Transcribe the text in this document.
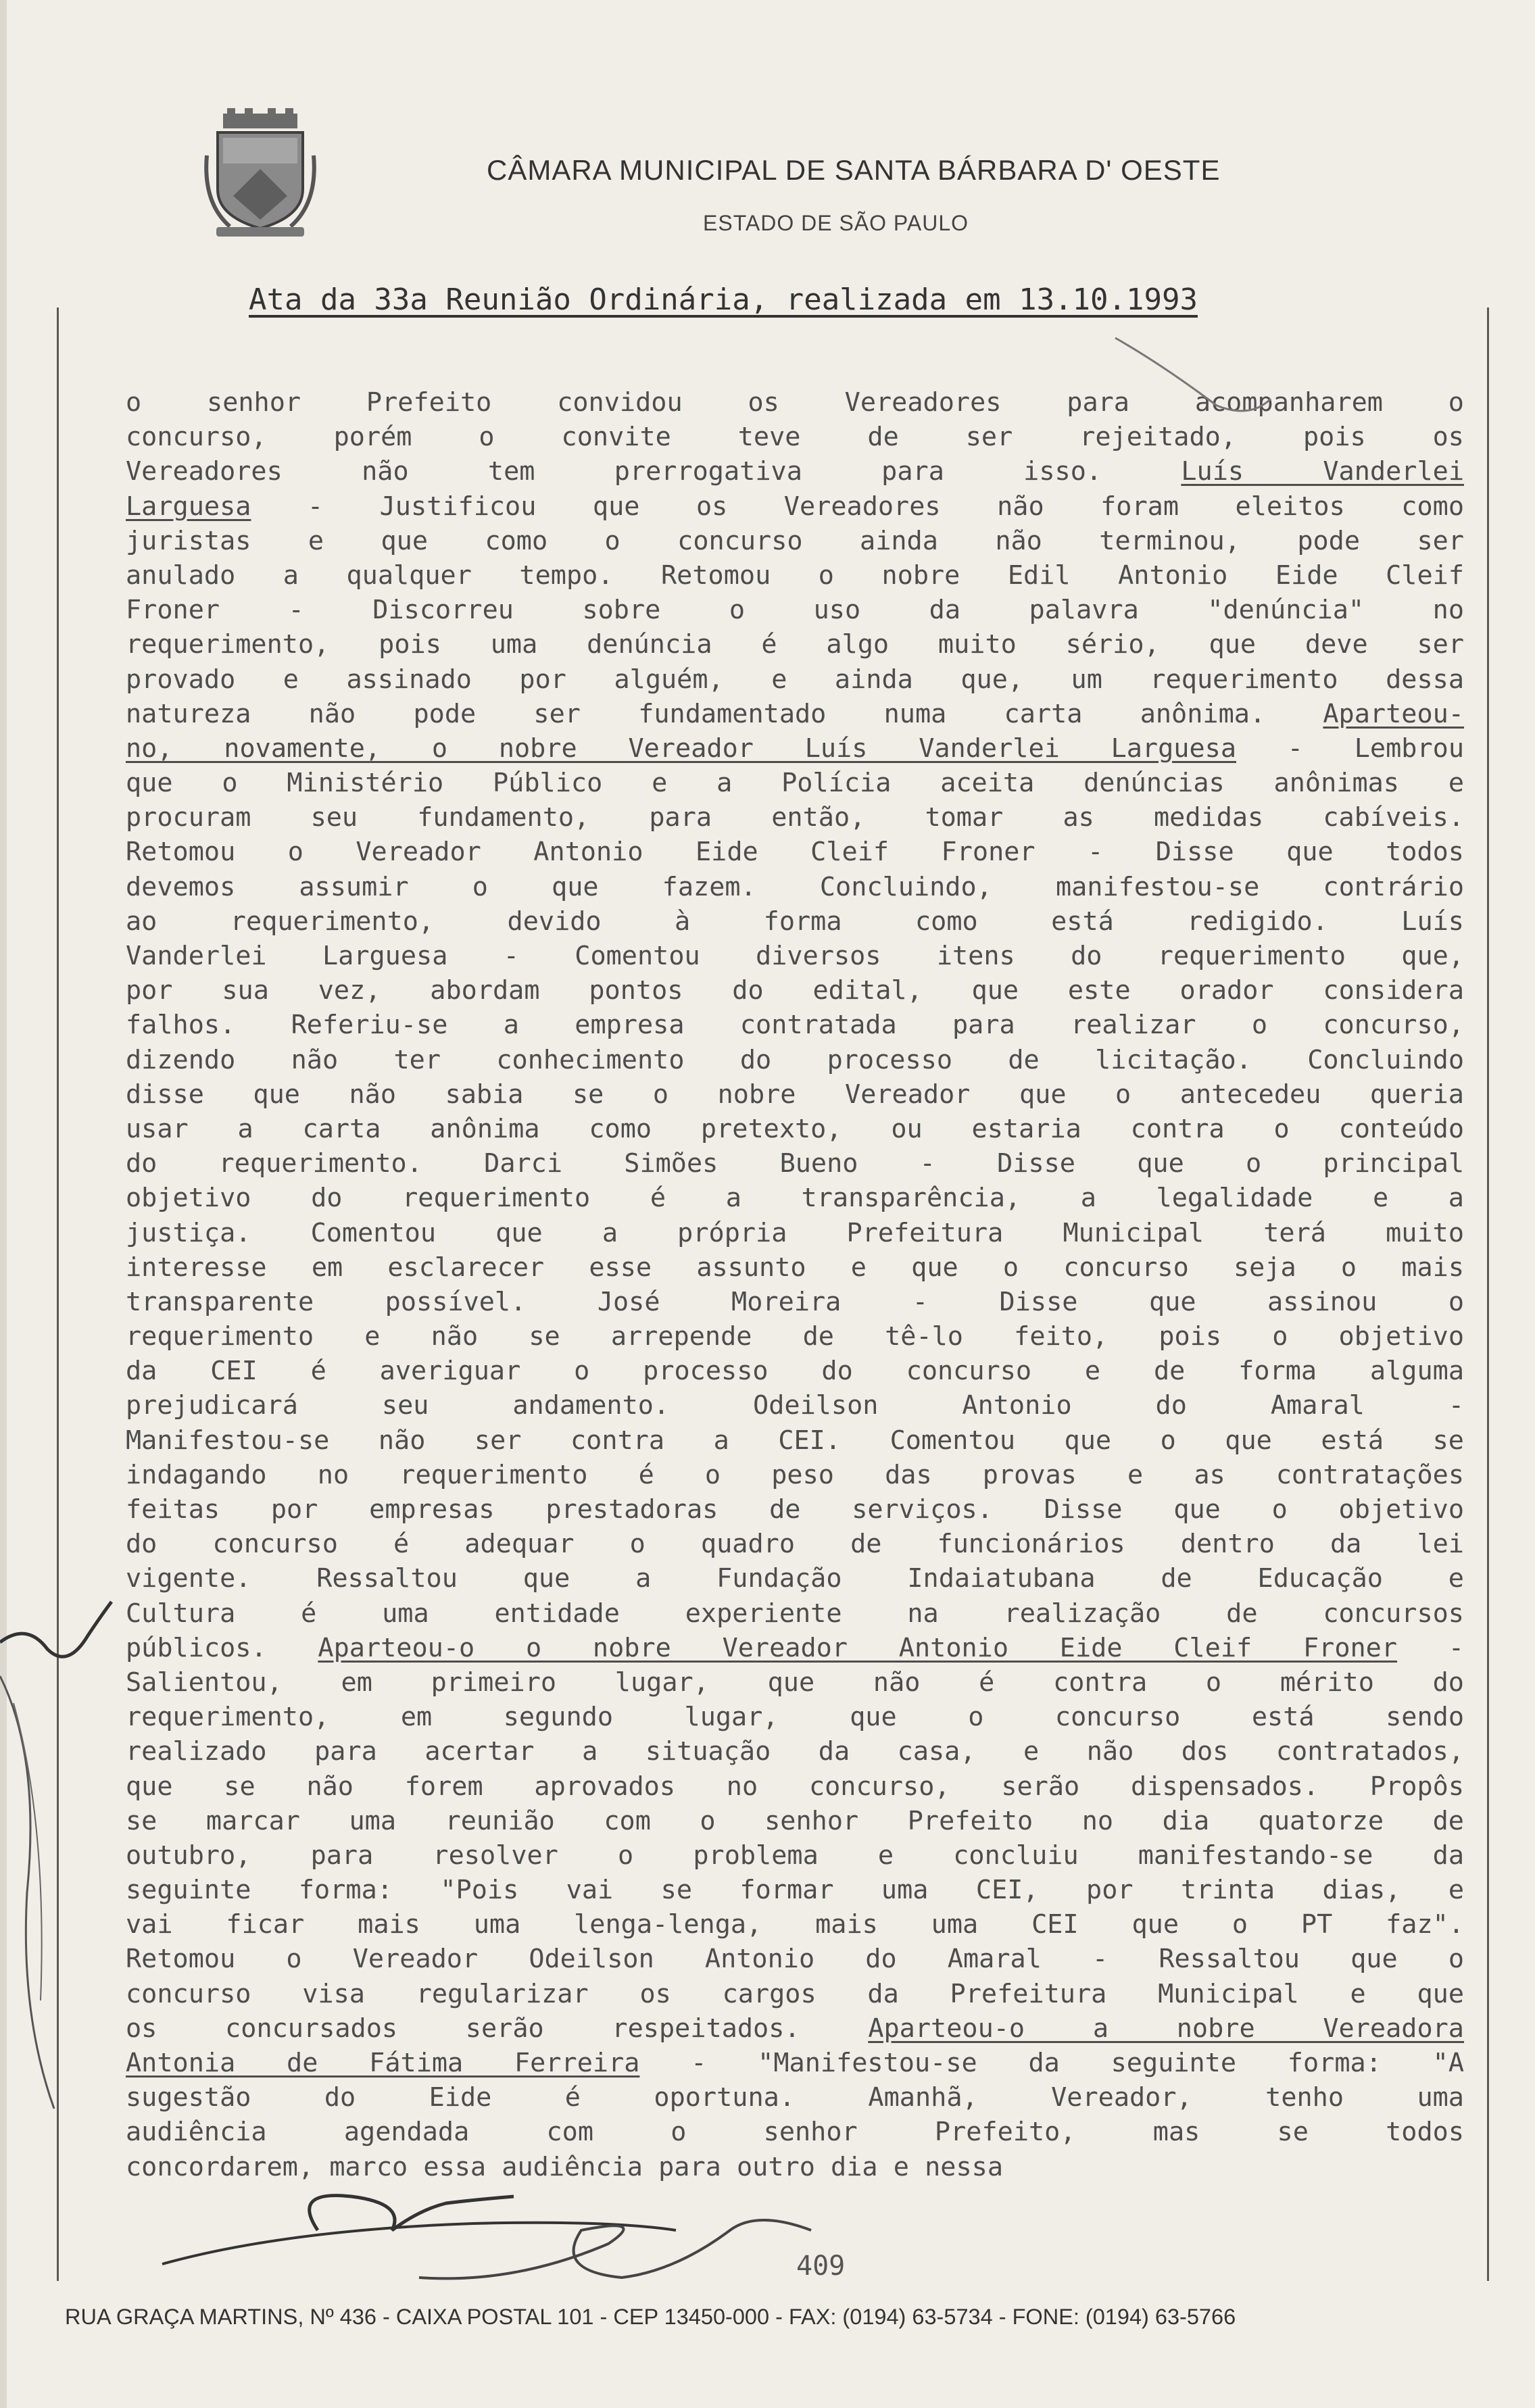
CÂMARA MUNICIPAL DE SANTA BÁRBARA D' OESTE
ESTADO DE SÃO PAULO
Ata da 33a Reunião Ordinária, realizada em 13.10.1993
o senhor Prefeito convidou os Vereadores para acompanharem o
concurso, porém o convite teve de ser rejeitado, pois os
Vereadores não tem prerrogativa para isso. Luís Vanderlei
Larguesa - Justificou que os Vereadores não foram eleitos como
juristas e que como o concurso ainda não terminou, pode ser
anulado a qualquer tempo. Retomou o nobre Edil Antonio Eide Cleif
Froner - Discorreu sobre o uso da palavra "denúncia" no
requerimento, pois uma denúncia é algo muito sério, que deve ser
provado e assinado por alguém, e ainda que, um requerimento dessa
natureza não pode ser fundamentado numa carta anônima. Aparteou-
no, novamente, o nobre Vereador Luís Vanderlei Larguesa - Lembrou
que o Ministério Público e a Polícia aceita denúncias anônimas e
procuram seu fundamento, para então, tomar as medidas cabíveis.
Retomou o Vereador Antonio Eide Cleif Froner - Disse que todos
devemos assumir o que fazem. Concluindo, manifestou-se contrário
ao requerimento, devido à forma como está redigido. Luís
Vanderlei Larguesa - Comentou diversos itens do requerimento que,
por sua vez, abordam pontos do edital, que este orador considera
falhos. Referiu-se a empresa contratada para realizar o concurso,
dizendo não ter conhecimento do processo de licitação. Concluindo
disse que não sabia se o nobre Vereador que o antecedeu queria
usar a carta anônima como pretexto, ou estaria contra o conteúdo
do requerimento. Darci Simões Bueno - Disse que o principal
objetivo do requerimento é a transparência, a legalidade e a
justiça. Comentou que a própria Prefeitura Municipal terá muito
interesse em esclarecer esse assunto e que o concurso seja o mais
transparente possível. José Moreira - Disse que assinou o
requerimento e não se arrepende de tê-lo feito, pois o objetivo
da CEI é averiguar o processo do concurso e de forma alguma
prejudicará seu andamento. Odeilson Antonio do Amaral -
Manifestou-se não ser contra a CEI. Comentou que o que está se
indagando no requerimento é o peso das provas e as contratações
feitas por empresas prestadoras de serviços. Disse que o objetivo
do concurso é adequar o quadro de funcionários dentro da lei
vigente. Ressaltou que a Fundação Indaiatubana de Educação e
Cultura é uma entidade experiente na realização de concursos
públicos. Aparteou-o o nobre Vereador Antonio Eide Cleif Froner -
Salientou, em primeiro lugar, que não é contra o mérito do
requerimento, em segundo lugar, que o concurso está sendo
realizado para acertar a situação da casa, e não dos contratados,
que se não forem aprovados no concurso, serão dispensados. Propôs
se marcar uma reunião com o senhor Prefeito no dia quatorze de
outubro, para resolver o problema e concluiu manifestando-se da
seguinte forma: "Pois vai se formar uma CEI, por trinta dias, e
vai ficar mais uma lenga-lenga, mais uma CEI que o PT faz".
Retomou o Vereador Odeilson Antonio do Amaral - Ressaltou que o
concurso visa regularizar os cargos da Prefeitura Municipal e que
os concursados serão respeitados. Aparteou-o a nobre Vereadora
Antonia de Fátima Ferreira - "Manifestou-se da seguinte forma: "A
sugestão do Eide é oportuna. Amanhã, Vereador, tenho uma
audiência agendada com o senhor Prefeito, mas se todos
concordarem, marco essa audiência para outro dia e nessa
409
RUA GRAÇA MARTINS, Nº 436 - CAIXA POSTAL 101 - CEP 13450-000 - FAX: (0194) 63-5734 - FONE: (0194) 63-5766
